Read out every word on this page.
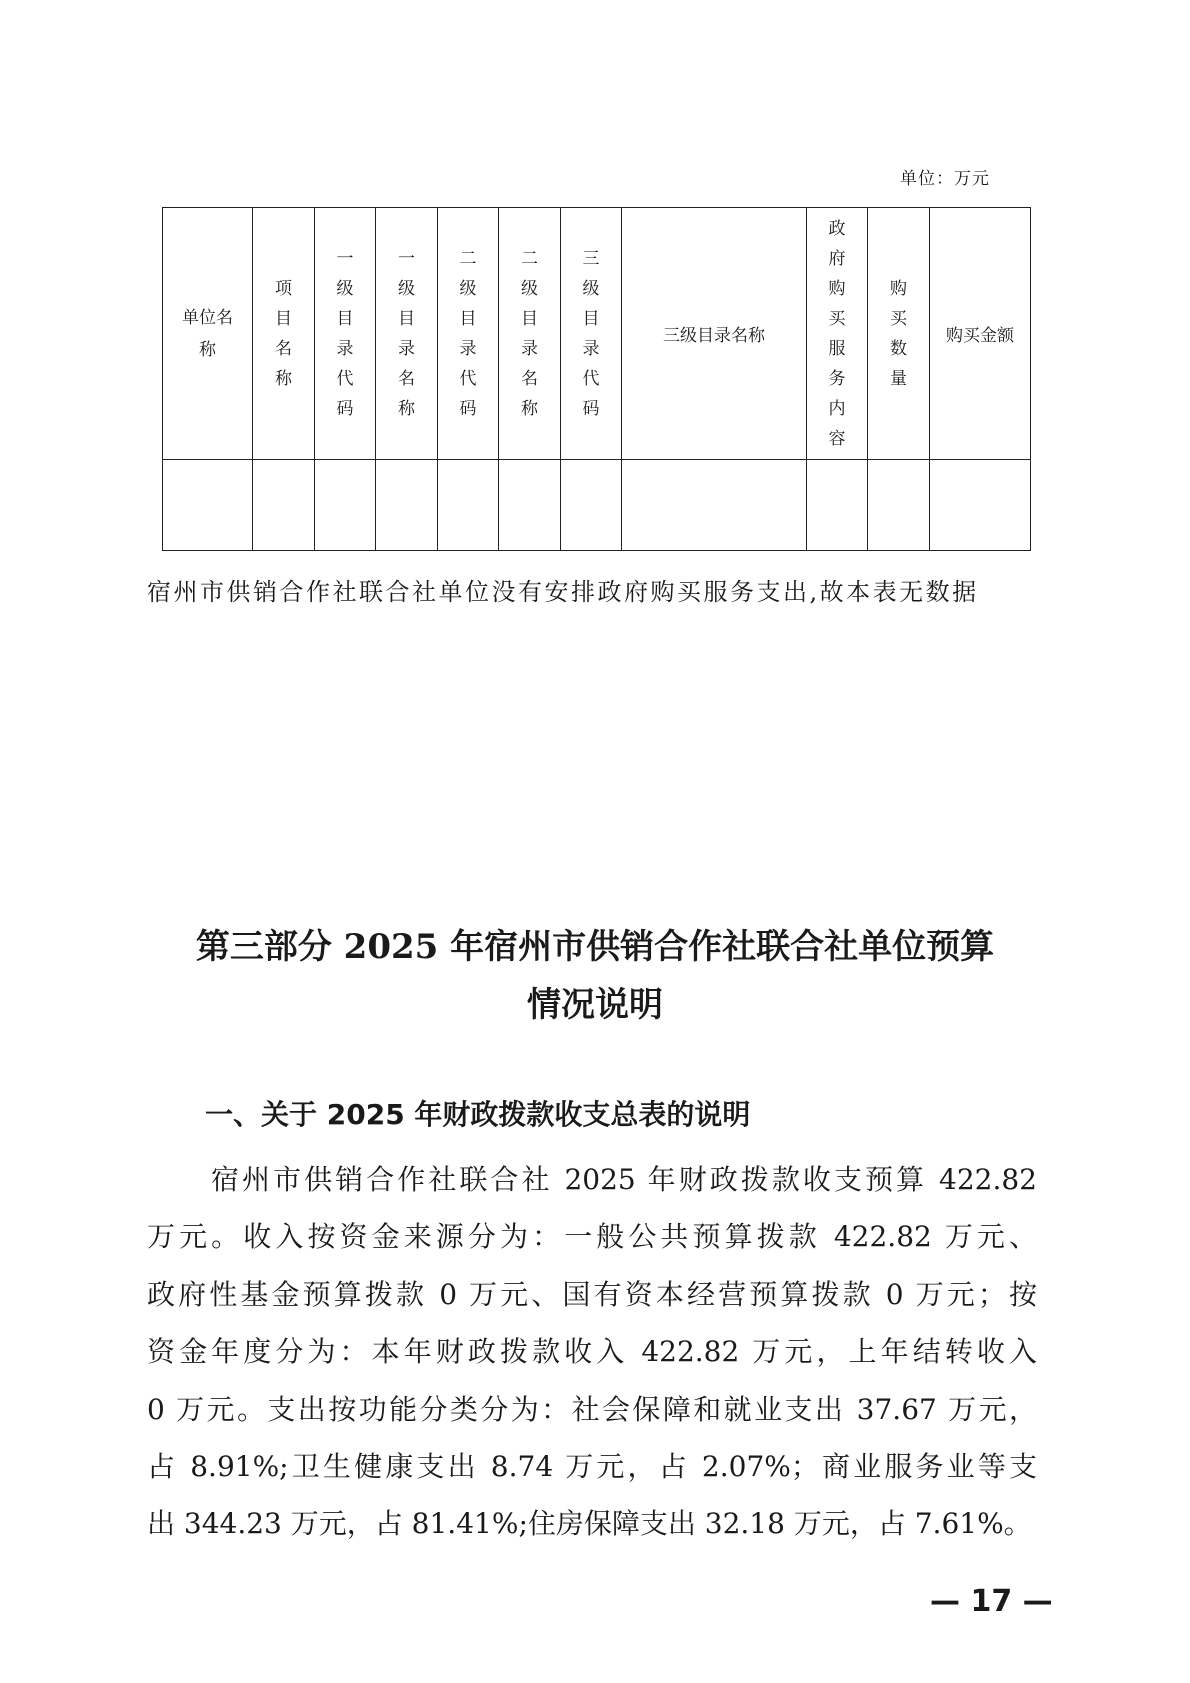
单位：万元
单位名称	项目名称	一级目录代码	一级目录名称	二级目录代码	二级目录名称	三级目录代码	三级目录名称	政府购买服务内容	购买数量	购买金额

宿州市供销合作社联合社单位没有安排政府购买服务支出,故本表无数据
第三部分 2025 年宿州市供销合作社联合社单位预算
情况说明
一、关于 2025 年财政拨款收支总表的说明
宿州市供销合作社联合社 2025 年财政拨款收支预算 422.82
万元。收入按资金来源分为：一般公共预算拨款 422.82 万元、
政府性基金预算拨款 0 万元、国有资本经营预算拨款 0 万元；按
资金年度分为：本年财政拨款收入 422.82 万元，上年结转收入
0 万元。支出按功能分类分为：社会保障和就业支出 37.67 万元，
占 8.91%;卫生健康支出 8.74 万元，占 2.07%；商业服务业等支
出 344.23 万元，占 81.41%;住房保障支出 32.18 万元，占 7.61%。
— 17 —
